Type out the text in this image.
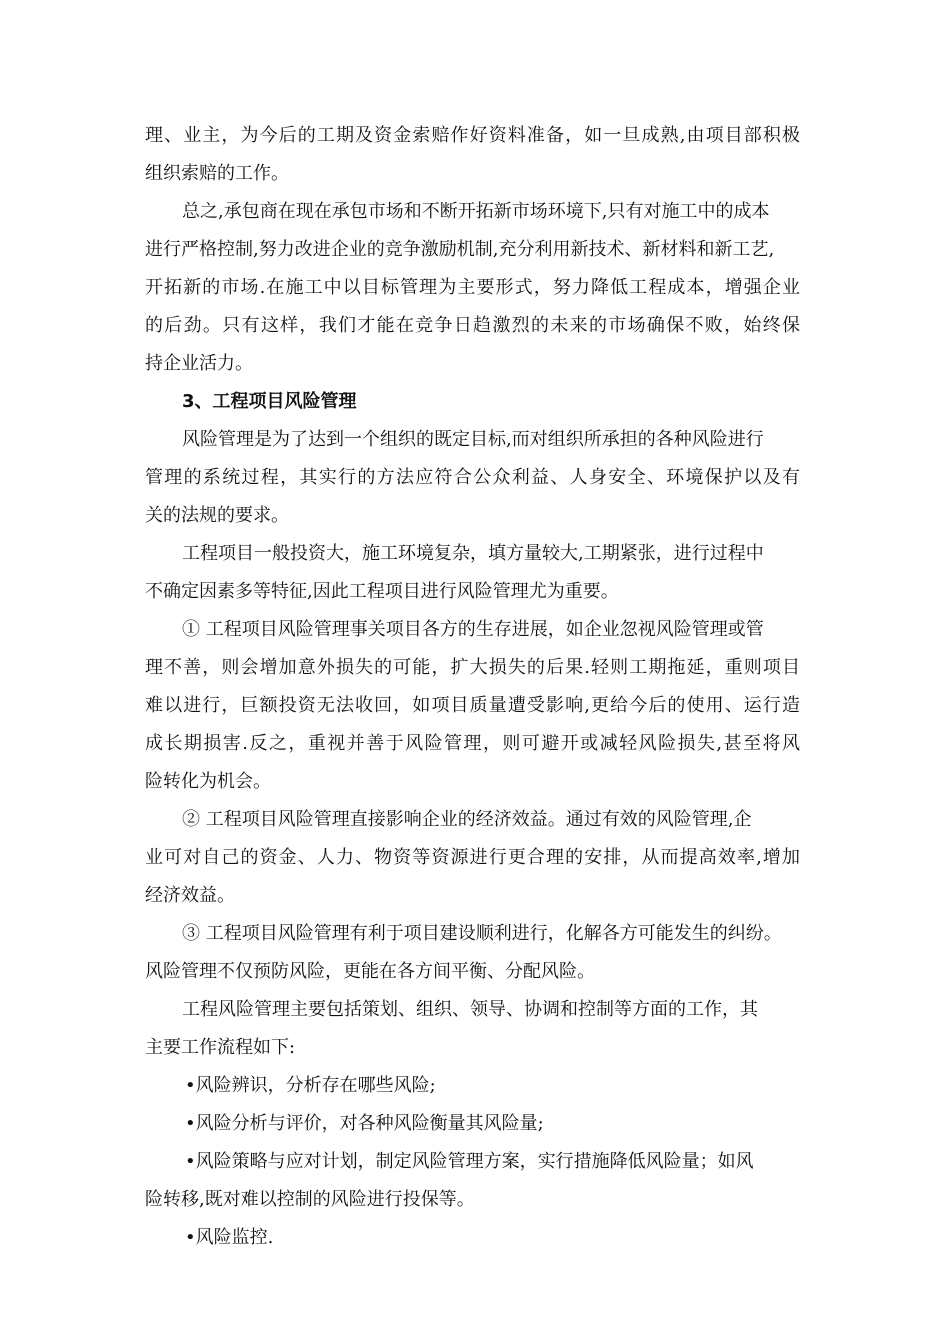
理、业主，为今后的工期及资金索赔作好资料准备，如一旦成熟,由项目部积极
组织索赔的工作。
总之,承包商在现在承包市场和不断开拓新市场环境下,只有对施工中的成本
进行严格控制,努力改进企业的竞争激励机制,充分利用新技术、新材料和新工艺,
开拓新的市场.在施工中以目标管理为主要形式，努力降低工程成本，增强企业
的后劲。只有这样，我们才能在竞争日趋激烈的未来的市场确保不败，始终保
持企业活力。
3、工程项目风险管理
风险管理是为了达到一个组织的既定目标,而对组织所承担的各种风险进行
管理的系统过程，其实行的方法应符合公众利益、人身安全、环境保护以及有
关的法规的要求。
工程项目一般投资大，施工环境复杂，填方量较大,工期紧张，进行过程中
不确定因素多等特征,因此工程项目进行风险管理尤为重要。
① 工程项目风险管理事关项目各方的生存进展，如企业忽视风险管理或管
理不善，则会增加意外损失的可能，扩大损失的后果.轻则工期拖延，重则项目
难以进行，巨额投资无法收回，如项目质量遭受影响,更给今后的使用、运行造
成长期损害.反之，重视并善于风险管理，则可避开或减轻风险损失,甚至将风
险转化为机会。
② 工程项目风险管理直接影响企业的经济效益。通过有效的风险管理,企
业可对自己的资金、人力、物资等资源进行更合理的安排，从而提高效率,增加
经济效益。
③ 工程项目风险管理有利于项目建设顺利进行，化解各方可能发生的纠纷。
风险管理不仅预防风险，更能在各方间平衡、分配风险。
工程风险管理主要包括策划、组织、领导、协调和控制等方面的工作，其
主要工作流程如下:
•风险辨识，分析存在哪些风险;
•风险分析与评价，对各种风险衡量其风险量;
•风险策略与应对计划，制定风险管理方案，实行措施降低风险量；如风
险转移,既对难以控制的风险进行投保等。
•风险监控.
